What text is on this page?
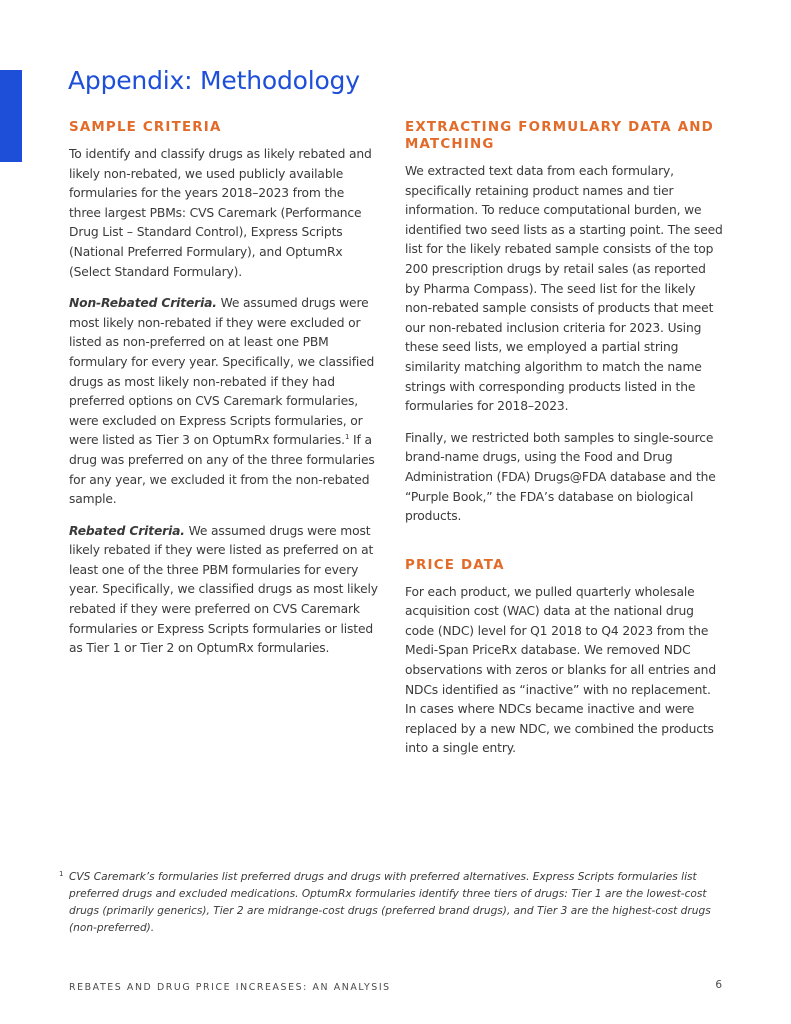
Appendix: Methodology
SAMPLE CRITERIA

To identify and classify drugs as likely rebated and likely non-rebated, we used publicly available formularies for the years 2018–2023 from the three largest PBMs: CVS Caremark (Performance Drug List – Standard Control), Express Scripts (National Preferred Formulary), and OptumRx (Select Standard Formulary).

Non-Rebated Criteria. We assumed drugs were most likely non-rebated if they were excluded or listed as non-preferred on at least one PBM formulary for every year. Specifically, we classified drugs as most likely non-rebated if they had preferred options on CVS Caremark formularies, were excluded on Express Scripts formularies, or were listed as Tier 3 on OptumRx formularies.$^1$ If a drug was preferred on any of the three formularies for any year, we excluded it from the non-rebated sample.

Rebated Criteria. We assumed drugs were most likely rebated if they were listed as preferred on at least one of the three PBM formularies for every year. Specifically, we classified drugs as most likely rebated if they were preferred on CVS Caremark formularies or Express Scripts formularies or listed as Tier 1 or Tier 2 on OptumRx formularies.

EXTRACTING FORMULARY DATA AND MATCHING

We extracted text data from each formulary, specifically retaining product names and tier information. To reduce computational burden, we identified two seed lists as a starting point. The seed list for the likely rebated sample consists of the top 200 prescription drugs by retail sales (as reported by Pharma Compass). The seed list for the likely non-rebated sample consists of products that meet our non-rebated inclusion criteria for 2023. Using these seed lists, we employed a partial string similarity matching algorithm to match the name strings with corresponding products listed in the formularies for 2018–2023.

Finally, we restricted both samples to single-source brand-name drugs, using the Food and Drug Administration (FDA) Drugs@FDA database and the “Purple Book,” the FDA’s database on biological products.

PRICE DATA

For each product, we pulled quarterly wholesale acquisition cost (WAC) data at the national drug code (NDC) level for Q1 2018 to Q4 2023 from the Medi-Span PriceRx database. We removed NDC observations with zeros or blanks for all entries and NDCs identified as “inactive” with no replacement. In cases where NDCs became inactive and were replaced by a new NDC, we combined the products into a single entry.

1 CVS Caremark’s formularies list preferred drugs and drugs with preferred alternatives. Express Scripts formularies list preferred drugs and excluded medications. OptumRx formularies identify three tiers of drugs: Tier 1 are the lowest-cost drugs (primarily generics), Tier 2 are midrange-cost drugs (preferred brand drugs), and Tier 3 are the highest-cost drugs (non-preferred).
REBATES AND DRUG PRICE INCREASES: AN ANALYSIS	6
